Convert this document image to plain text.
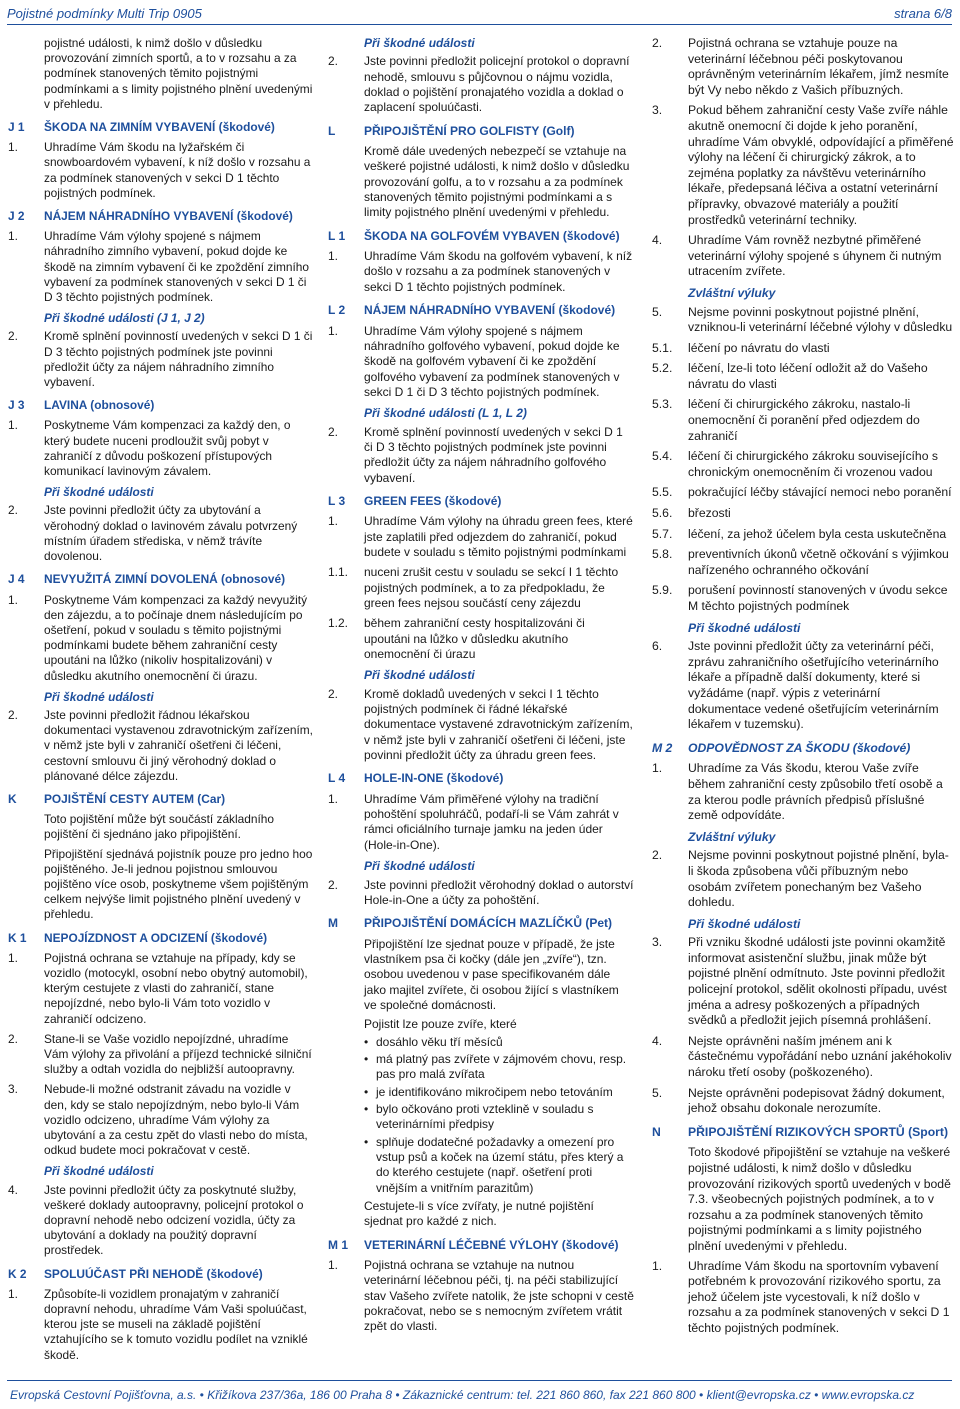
Pojistné podmínky Multi Trip 0905	strana 6/8
pojistné události, k nimž došlo v důsledku provozování zimních sportů, a to v rozsahu a za podmínek stanovených těmito pojistnými podmínkami a s limity pojistného plnění uvedenými v přehledu.
J 1	ŠKODA NA ZIMNÍM VYBAVENÍ (škodové)
1.	Uhradíme Vám škodu na lyžařském či snowboardovém vybavení, k níž došlo v rozsahu a za podmínek stanovených v sekci D 1 těchto pojistných podmínek.
J 2	NÁJEM NÁHRADNÍHO VYBAVENÍ (škodové)
1.	Uhradíme Vám výlohy spojené s nájmem náhradního zimního vybavení, pokud dojde ke škodě na zimním vybavení či ke zpoždění zimního vybavení za podmínek stanovených v sekci D 1 či D 3 těchto pojistných podmínek.
Při škodné události (J 1, J 2)
2.	Kromě splnění povinností uvedených v sekci D 1 či D 3 těchto pojistných podmínek jste povinni předložit účty za nájem náhradního zimního vybavení.
J 3	LAVINA (obnosové)
1.	Poskytneme Vám kompenzaci za každý den, o který budete nuceni prodloužit svůj pobyt v zahraničí z důvodu poškození přístupových komunikací lavinovým závalem.
Při škodné události
2.	Jste povinni předložit účty za ubytování a věrohodný doklad o lavinovém závalu potvrzený místním úřadem střediska, v němž trávíte dovolenou.
J 4	NEVYUŽITÁ ZIMNÍ DOVOLENÁ (obnosové)
1.	Poskytneme Vám kompenzaci za každý nevyužitý den zájezdu, a to počínaje dnem následujícím po ošetření, pokud v souladu s těmito pojistnými podmínkami budete během zahraniční cesty upoutáni na lůžko (nikoliv hospitalizováni) v důsledku akutního onemocnění či úrazu.
Při škodné události
2.	Jste povinni předložit řádnou lékařskou dokumentaci vystavenou zdravotnickým zařízením, v němž jste byli v zahraničí ošetřeni či léčeni, cestovní smlouvu či jiný věrohodný doklad o plánované délce zájezdu.
K	POJIŠTĚNÍ CESTY AUTEM (Car)
Toto pojištění může být součástí základního pojištění či sjednáno jako připojištění.
Připojištění sjednává pojistník pouze pro jedno hoo pojištěného. Je-li jednou pojistnou smlouvou pojištěno více osob, poskytneme všem pojištěným celkem nejvýše limit pojistného plnění uvedený v přehledu.
K 1	NEPOJÍZDNOST A ODCIZENÍ (škodové)
1.	Pojistná ochrana se vztahuje na případy, kdy se vozidlo (motocykl, osobní nebo obytný automobil), kterým cestujete z vlasti do zahraničí, stane nepojízdné, nebo bylo-li Vám toto vozidlo v zahraničí odcizeno.
2.	Stane-li se Vaše vozidlo nepojízdné, uhradíme Vám výlohy za přivolání a příjezd technické silniční služby a odtah vozidla do nejbližší autoopravny.
3.	Nebude-li možné odstranit závadu na vozidle v den, kdy se stalo nepojízdným, nebo bylo-li Vám vozidlo odcizeno, uhradíme Vám výlohy za ubytování a za cestu zpět do vlasti nebo do místa, odkud budete moci pokračovat v cestě.
Při škodné události
4.	Jste povinni předložit účty za poskytnuté služby, veškeré doklady autoopravny, policejní protokol o dopravní nehodě nebo odcizení vozidla, účty za ubytování a doklady na použitý dopravní prostředek.
K 2	SPOLUÚČAST PŘI NEHODĚ (škodové)
1.	Způsobíte-li vozidlem pronajatým v zahraničí dopravní nehodu, uhradíme Vám Vaši spoluúčast, kterou jste se museli na základě pojištění vztahujícího se k tomuto vozidlu podílet na vzniklé škodě.
Při škodné události
2.	Jste povinni předložit policejní protokol o dopravní nehodě, smlouvu s půjčovnou o nájmu vozidla, doklad o pojištění pronajatého vozidla a doklad o zaplacení spoluúčasti.
L	PŘIPOJIŠTĚNÍ PRO GOLFISTY (Golf)
Kromě dále uvedených nebezpečí se vztahuje na veškeré pojistné události, k nimž došlo v důsledku provozování golfu, a to v rozsahu a za podmínek stanovených těmito pojistnými podmínkami a s limity pojistného plnění uvedenými v přehledu.
L 1	ŠKODA NA GOLFOVÉM VYBAVEN (škodové)
1.	Uhradíme Vám škodu na golfovém vybavení, k níž došlo v rozsahu a za podmínek stanovených v sekci D 1 těchto pojistných podmínek.
L 2	NÁJEM NÁHRADNÍHO VYBAVENÍ (škodové)
1.	Uhradíme Vám výlohy spojené s nájmem náhradního golfového vybavení, pokud dojde ke škodě na golfovém vybavení či ke zpoždění golfového vybavení za podmínek stanovených v sekci D 1 či D 3 těchto pojistných podmínek.
Při škodné události (L 1, L 2)
2.	Kromě splnění povinností uvedených v sekci D 1 či D 3 těchto pojistných podmínek jste povinni předložit účty za nájem náhradního golfového vybavení.
L 3	GREEN FEES (škodové)
1.	Uhradíme Vám výlohy na úhradu green fees, které jste zaplatili před odjezdem do zahraničí, pokud budete v souladu s těmito pojistnými podmínkami
1.1.	nuceni zrušit cestu v souladu se sekcí I 1 těchto pojistných podmínek, a to za předpokladu, že green fees nejsou součástí ceny zájezdu
1.2.	během zahraniční cesty hospitalizováni či upoutáni na lůžko v důsledku akutního onemocnění či úrazu
Při škodné události
2.	Kromě dokladů uvedených v sekci I 1 těchto pojistných podmínek či řádné lékařské dokumentace vystavené zdravotnickým zařízením, v němž jste byli v zahraničí ošetřeni či léčeni, jste povinni předložit účty za úhradu green fees.
L 4	HOLE-IN-ONE (škodové)
1.	Uhradíme Vám přiměřené výlohy na tradiční pohoštění spoluhráčů, podaří-li se Vám zahrát v rámci oficiálního turnaje jamku na jeden úder (Hole-in-One).
Při škodné události
2.	Jste povinni předložit věrohodný doklad o autorství Hole-in-One a účty za pohoštění.
M	PŘIPOJIŠTĚNÍ DOMÁCÍCH MAZLÍČKŮ (Pet)
Připojištění lze sjednat pouze v případě, že jste vlastníkem psa či kočky (dále jen „zvíře“), tzn. osobou uvedenou v pase specifikovaném dále jako majitel zvířete, či osobou žijící s vlastníkem ve společné domácnosti.
Pojistit lze pouze zvíře, které
• dosáhlo věku tří měsíců
• má platný pas zvířete v zájmovém chovu, resp. pas pro malá zvířata
• je identifikováno mikročipem nebo tetováním
• bylo očkováno proti vzteklině v souladu s veterinárními předpisy
• splňuje dodatečné požadavky a omezení pro vstup psů a koček na území státu, přes který a do kterého cestujete (např. ošetření proti vnějším a vnitřním parazitům)
Cestujete-li s více zvířaty, je nutné pojištění sjednat pro každé z nich.
M 1	VETERINÁRNÍ LÉČEBNÉ VÝLOHY (škodové)
1.	Pojistná ochrana se vztahuje na nutnou veterinární léčebnou péči, tj. na péči stabilizující stav Vašeho zvířete natolik, že jste schopni v cestě pokračovat, nebo se s nemocným zvířetem vrátit zpět do vlasti.
2.	Pojistná ochrana se vztahuje pouze na veterinární léčebnou péči poskytovanou oprávněným veterinárním lékařem, jímž nesmíte být Vy nebo někdo z Vašich příbuzných.
3.	Pokud během zahraniční cesty Vaše zvíře náhle akutně onemocní či dojde k jeho poranění, uhradíme Vám obvyklé, odpovídající a přiměřené výlohy na léčení či chirurgický zákrok, a to zejména poplatky za návštěvu veterinárního lékaře, předepsaná léčiva a ostatní veterinární přípravky, obvazové materiály a použití prostředků veterinární techniky.
4.	Uhradíme Vám rovněž nezbytné přiměřené veterinární výlohy spojené s úhynem či nutným utracením zvířete.
Zvláštní výluky
5.	Nejsme povinni poskytnout pojistné plnění, vzniknou-li veterinární léčebné výlohy v důsledku
5.1.	léčení po návratu do vlasti
5.2.	léčení, lze-li toto léčení odložit až do Vašeho návratu do vlasti
5.3.	léčení či chirurgického zákroku, nastalo-li onemocnění či poranění před odjezdem do zahraničí
5.4.	léčení či chirurgického zákroku souvisejícího s chronickým onemocněním či vrozenou vadou
5.5.	pokračující léčby stávající nemoci nebo poranění
5.6.	březosti
5.7.	léčení, za jehož účelem byla cesta uskutečněna
5.8.	preventivních úkonů včetně očkování s výjimkou nařízeného ochranného očkování
5.9.	porušení povinností stanovených v úvodu sekce M těchto pojistných podmínek
Při škodné události
6.	Jste povinni předložit účty za veterinární péči, zprávu zahraničního ošetřujícího veterinárního lékaře a případně další dokumenty, které si vyžádáme (např. výpis z veterinární dokumentace vedené ošetřujícím veterinárním lékařem v tuzemsku).
M 2	ODPOVĚDNOST ZA ŠKODU (škodové)
1.	Uhradíme za Vás škodu, kterou Vaše zvíře během zahraniční cesty způsobilo třetí osobě a za kterou podle právních předpisů příslušné země odpovídáte.
Zvláštní výluky
2.	Nejsme povinni poskytnout pojistné plnění, byla-li škoda způsobena vůči příbuzným nebo osobám zvířetem ponechaným bez Vašeho dohledu.
Při škodné události
3.	Při vzniku škodné události jste povinni okamžitě informovat asistenční službu, jinak může být pojistné plnění odmítnuto. Jste povinni předložit policejní protokol, sdělit okolnosti případu, uvést jména a adresy poškozených a případných svědků a předložit jejich písemná prohlášení.
4.	Nejste oprávněni naším jménem ani k částečnému vypořádání nebo uznání jakéhokoliv nároku třetí osoby (poškozeného).
5.	Nejste oprávněni podepisovat žádný dokument, jehož obsahu dokonale nerozumíte.
N	PŘIPOJIŠTĚNÍ RIZIKOVÝCH SPORTŮ (Sport)
Toto škodové připojištění se vztahuje na veškeré pojistné události, k nimž došlo v důsledku provozování rizikových sportů uvedených v bodě 7.3. všeobecných pojistných podmínek, a to v rozsahu a za podmínek stanovených těmito pojistnými podmínkami a s limity pojistného plnění uvedenými v přehledu.
1.	Uhradíme Vám škodu na sportovním vybavení potřebném k provozování rizikového sportu, za jehož účelem jste vycestovali, k níž došlo v rozsahu a za podmínek stanovených v sekci D 1 těchto pojistných podmínek.
Evropská Cestovní Pojišťovna, a.s. • Křižíkova 237/36a, 186 00 Praha 8 • Zákaznické centrum: tel. 221 860 860, fax 221 860 800 • klient@evropska.cz • www.evropska.cz
